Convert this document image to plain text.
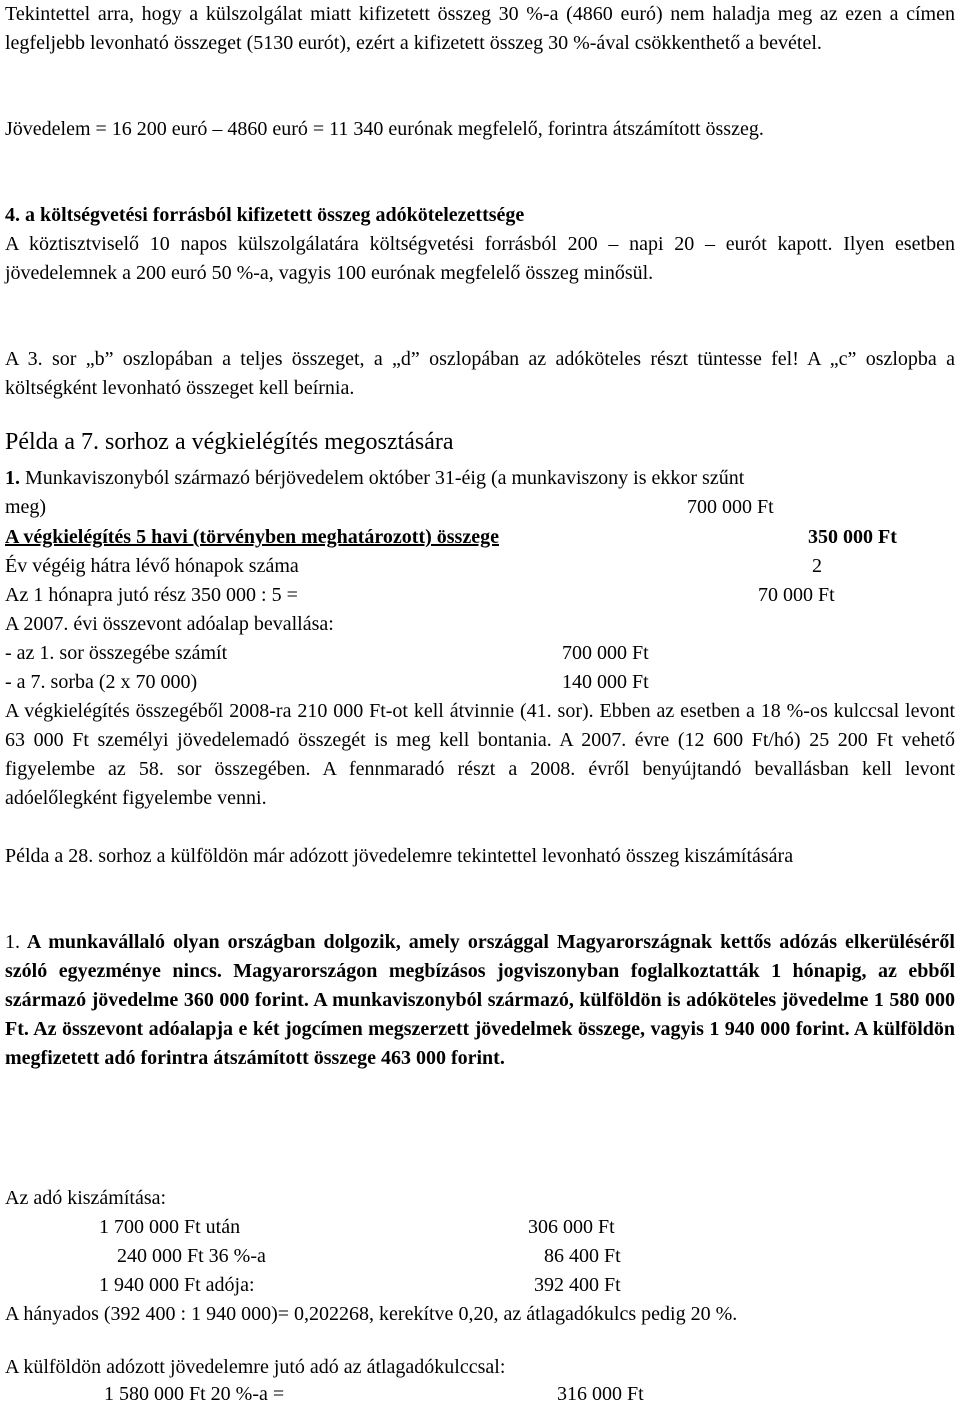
Tekintettel arra, hogy a külszolgálat miatt kifizetett összeg 30 %-a (4860 euró) nem haladja meg az ezen a címen legfeljebb levonható összeget (5130 eurót), ezért a kifizetett összeg 30 %-ával csökkenthető a bevétel.

Jövedelem = 16 200 euró – 4860 euró = 11 340 eurónak megfelelő, forintra átszámított összeg.

4. a költségvetési forrásból kifizetett összeg adókötelezettsége

A köztisztviselő 10 napos külszolgálatára költségvetési forrásból 200 – napi 20 – eurót kapott. Ilyen esetben jövedelemnek a 200 euró 50 %-a, vagyis 100 eurónak megfelelő összeg minősül.

A 3. sor „b” oszlopában a teljes összeget, a „d” oszlopában az adóköteles részt tüntesse fel! A „c” oszlopba a költségként levonható összeget kell beírnia.

Példa a 7. sorhoz a végkielégítés megosztására

1. Munkaviszonyból származó bérjövedelem október 31-éig (a munkaviszony is ekkor szűnt

meg)	700 000 Ft
A végkielégítés 5 havi (törvényben meghatározott) összege	350 000 Ft
Év végéig hátra lévő hónapok száma	2
Az 1 hónapra jutó rész 350 000 : 5 =	70 000 Ft
A 2007. évi összevont adóalap bevallása:
- az 1. sor összegébe számít	700 000 Ft
- a 7. sorba (2 x 70 000)	140 000 Ft

A végkielégítés összegéből 2008-ra 210 000 Ft-ot kell átvinnie (41. sor). Ebben az esetben a 18 %-os kulccsal levont 63 000 Ft személyi jövedelemadó összegét is meg kell bontania. A 2007. évre (12 600 Ft/hó) 25 200 Ft vehető figyelembe az 58. sor összegében. A fennmaradó részt a 2008. évről benyújtandó bevallásban kell levont adóelőlegként figyelembe venni.

Példa a 28. sorhoz a külföldön már adózott jövedelemre tekintettel levonható összeg kiszámítására

1. A munkavállaló olyan országban dolgozik, amely országgal Magyarországnak kettős adózás elkerüléséről szóló egyezménye nincs. Magyarországon megbízásos jogviszonyban foglalkoztatták 1 hónapig, az ebből származó jövedelme 360 000 forint. A munkaviszonyból származó, külföldön is adóköteles jövedelme 1 580 000 Ft. Az összevont adóalapja e két jogcímen megszerzett jövedelmek összege, vagyis 1 940 000 forint. A külföldön megfizetett adó forintra átszámított összege 463 000 forint.

Az adó kiszámítása:
1 700 000 Ft után	306 000 Ft
240 000 Ft 36 %-a	86 400 Ft
1 940 000 Ft adója:	392 400 Ft
A hányados (392 400 : 1 940 000)= 0,202268, kerekítve 0,20, az átlagadókulcs pedig 20 %.
A külföldön adózott jövedelemre jutó adó az átlagadókulccsal:
1 580 000 Ft 20 %-a =	316 000 Ft
